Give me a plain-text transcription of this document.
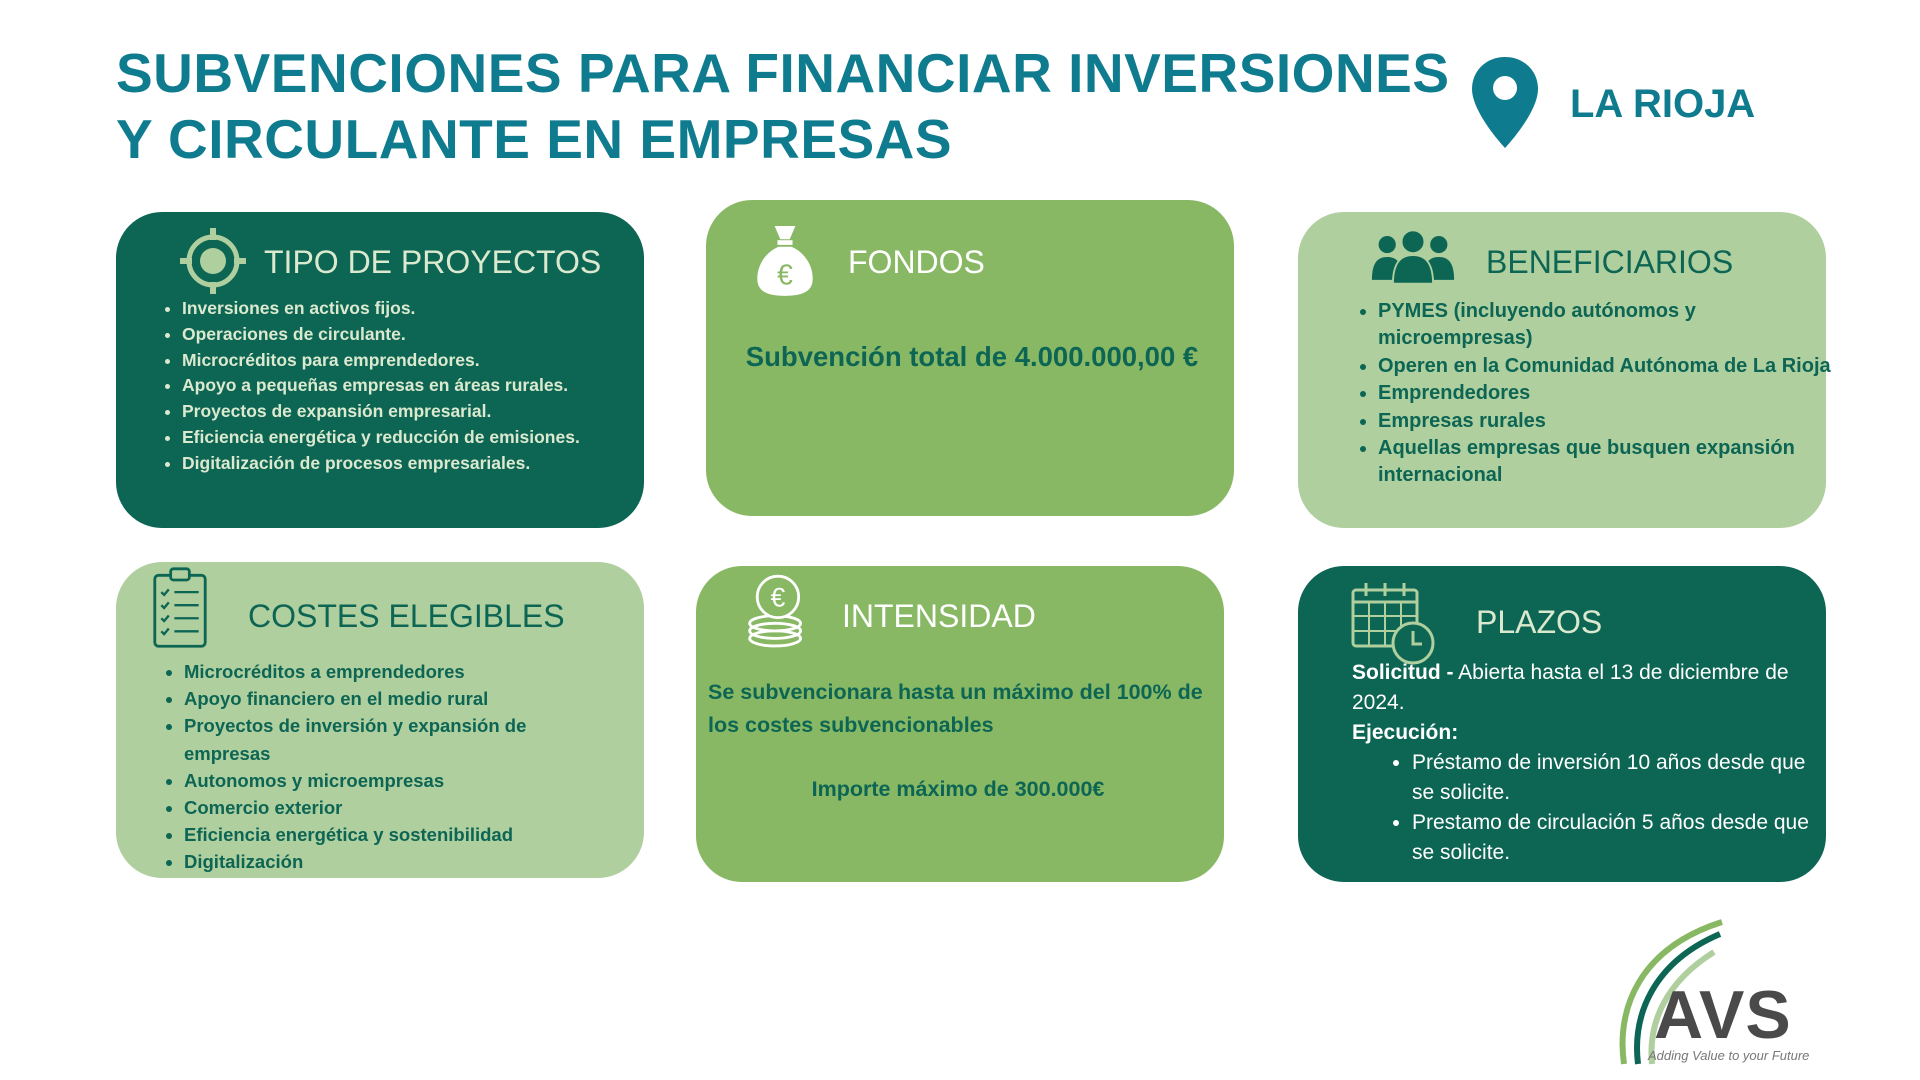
SUBVENCIONES PARA FINANCIAR INVERSIONES
Y CIRCULANTE EN EMPRESAS

LA RIOJA

TIPO DE PROYECTOS
• Inversiones en activos fijos.
• Operaciones de circulante.
• Microcréditos para emprendedores.
• Apoyo a pequeñas empresas en áreas rurales.
• Proyectos de expansión empresarial.
• Eficiencia energética y reducción de emisiones.
• Digitalización de procesos empresariales.
€ FONDOS

Subvención total de 4.000.000,00 €

BENEFICIARIOS
• PYMES (incluyendo autónomos y microempresas)
• Operen en la Comunidad Autónoma de La Rioja
• Emprendedores
• Empresas rurales
• Aquellas empresas que busquen expansión internacional
COSTES ELEGIBLES
• Microcréditos a emprendedores
• Apoyo financiero en el medio rural
• Proyectos de inversión y expansión de empresas
• Autonomos y microempresas
• Comercio exterior
• Eficiencia energética y sostenibilidad
• Digitalización
€
INTENSIDAD

Se subvencionara hasta un máximo del 100% de los costes subvencionables

Importe máximo de 300.000€

PLAZOS

Solicitud - Abierta hasta el 13 de diciembre de 2024.

Ejecución:

• Préstamo de inversión 10 años desde que se solicite.
• Prestamo de circulación 5 años desde que se solicite.
AVS
Adding Value to your Future
